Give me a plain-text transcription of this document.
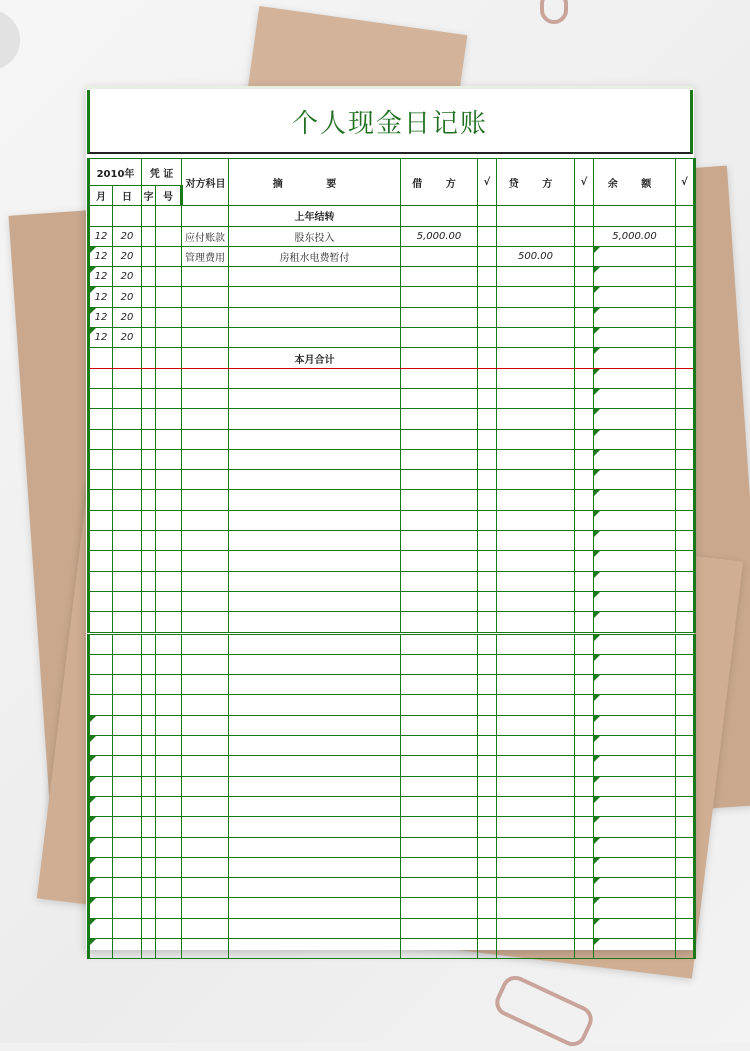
个人现金日记账
2010年		凭 证		对方科目	摘 要	借 方	√	贷 方	√	余 额	√
月	日	字	号								
					上年结转						
12	20			应付账款	股东投入	5,000.00				5,000.00	

12	20			管理费用	房租水电费暂付			500.00		

12	20									

12	20									

12	20									

12	20									

					本月合计					
